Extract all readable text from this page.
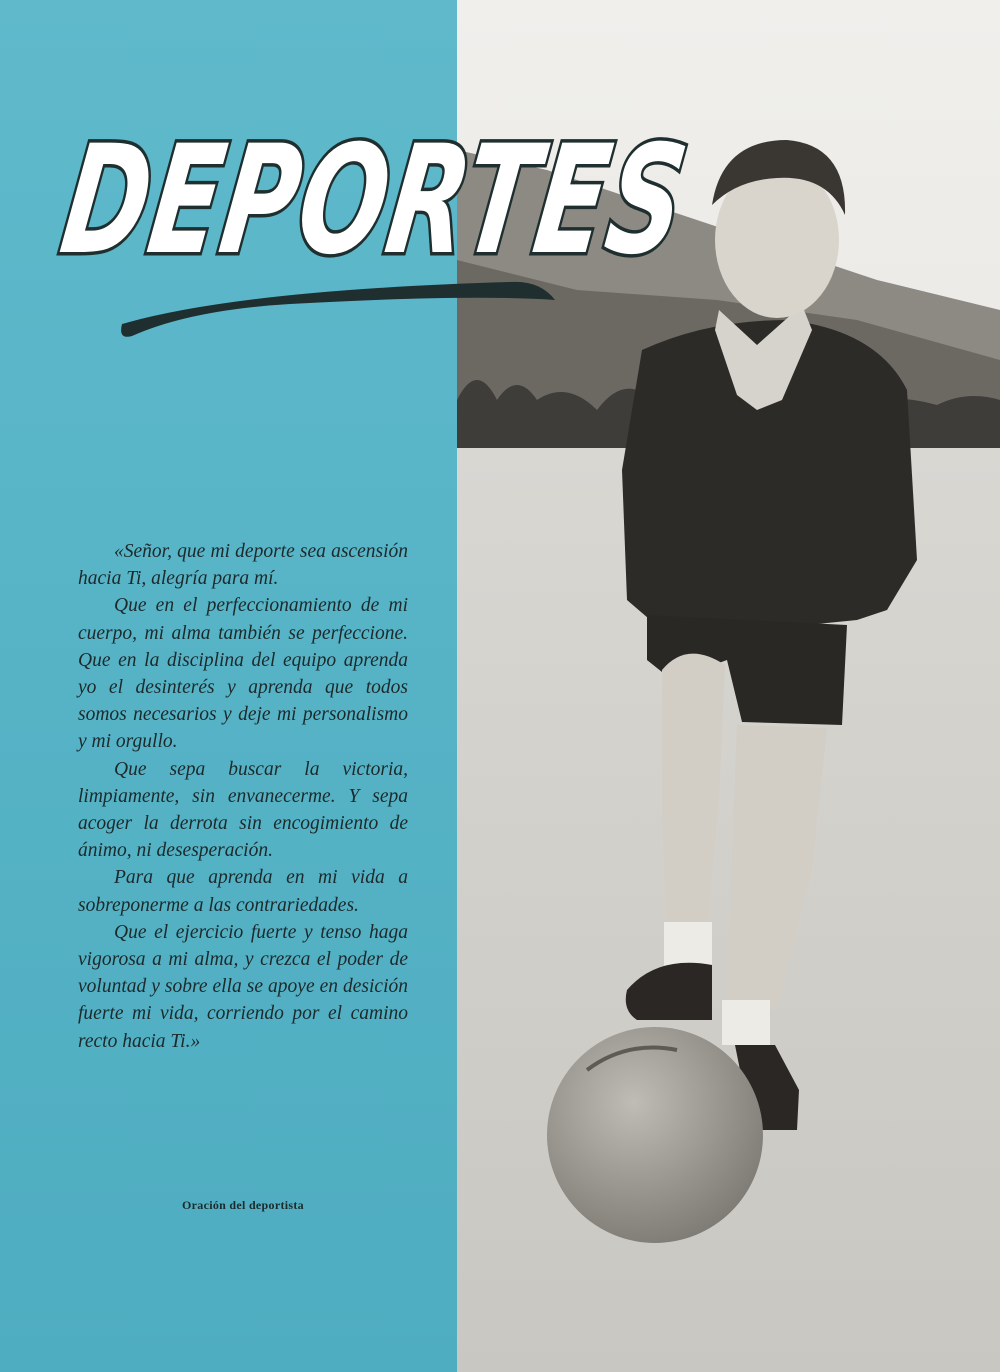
DEPORTES

«Señor, que mi deporte sea ascensión hacia Ti, alegría para mí.

Que en el perfeccionamiento de mi cuerpo, mi alma también se perfeccione. Que en la disciplina del equipo aprenda yo el desinterés y aprenda que todos somos necesarios y deje mi personalismo y mi orgullo.

Que sepa buscar la victoria, limpiamente, sin envanecerme. Y sepa acoger la derrota sin encogimiento de ánimo, ni desesperación.

Para que aprenda en mi vida a sobreponerme a las contrariedades.

Que el ejercicio fuerte y tenso haga vigorosa a mi alma, y crezca el poder de voluntad y sobre ella se apoye en desición fuerte mi vida, corriendo por el camino recto hacia Ti.»

Oración del deportista
